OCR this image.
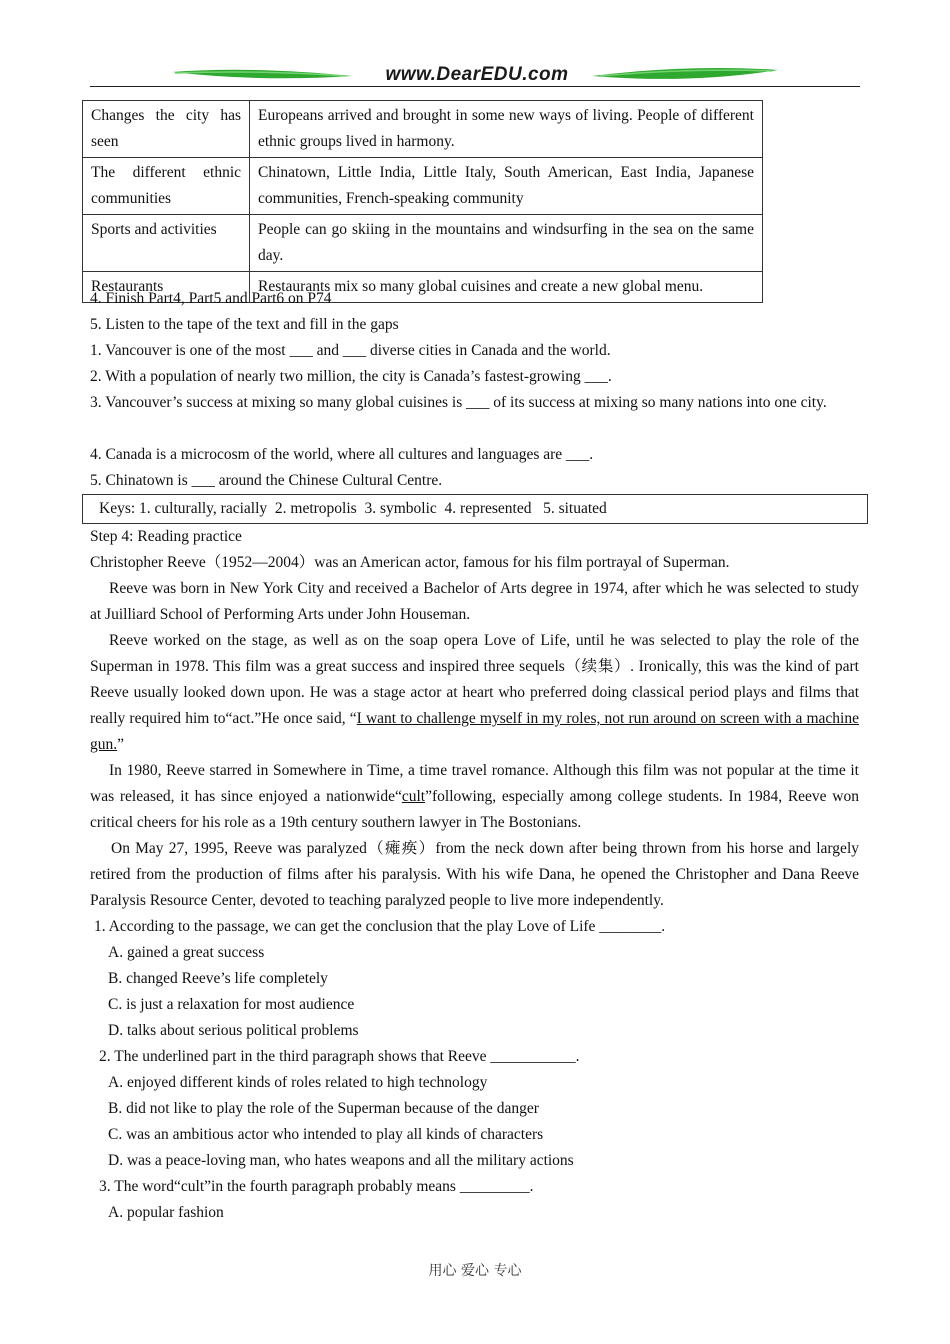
www.DearEDU.com
Changes the city has seen	Europeans arrived and brought in some new ways of living. People of different ethnic groups lived in harmony.
The different ethnic communities	Chinatown, Little India, Little Italy, South American, East India, Japanese communities, French-speaking community
Sports and activities	People can go skiing in the mountains and windsurfing in the sea on the same day.
Restaurants	Restaurants mix so many global cuisines and create a new global menu.
4. Finish Part4, Part5 and Part6 on P74
5. Listen to the tape of the text and fill in the gaps
1. Vancouver is one of the most ___ and ___ diverse cities in Canada and the world.
2. With a population of nearly two million, the city is Canada’s fastest-growing ___.
3. Vancouver’s success at mixing so many global cuisines is ___ of its success at mixing so many nations into one city.
4. Canada is a microcosm of the world, where all cultures and languages are ___.
5. Chinatown is ___ around the Chinese Cultural Centre.
Keys: 1. culturally, racially  2. metropolis  3. symbolic  4. represented   5. situated
Step 4: Reading practice
Christopher Reeve（1952—2004）was an American actor, famous for his film portrayal of Superman.
Reeve was born in New York City and received a Bachelor of Arts degree in 1974, after which he was selected to study at Juilliard School of Performing Arts under John Houseman.
Reeve worked on the stage, as well as on the soap opera Love of Life, until he was selected to play the role of the Superman in 1978. This film was a great success and inspired three sequels（续集）. Ironically, this was the kind of part Reeve usually looked down upon. He was a stage actor at heart who preferred doing classical period plays and films that really required him to“act.”He once said, “I want to challenge myself in my roles, not run around on screen with a machine gun.”
In 1980, Reeve starred in Somewhere in Time, a time travel romance. Although this film was not popular at the time it was released, it has since enjoyed a nationwide“cult”following, especially among college students. In 1984, Reeve won critical cheers for his role as a 19th century southern lawyer in The Bostonians.
On May 27, 1995, Reeve was paralyzed（瘫痪）from the neck down after being thrown from his horse and largely retired from the production of films after his paralysis. With his wife Dana, he opened the Christopher and Dana Reeve Paralysis Resource Center, devoted to teaching paralyzed people to live more independently.
1. According to the passage, we can get the conclusion that the play Love of Life ________.
A. gained a great success
B. changed Reeve’s life completely
C. is just a relaxation for most audience
D. talks about serious political problems
2. The underlined part in the third paragraph shows that Reeve ___________.
A. enjoyed different kinds of roles related to high technology
B. did not like to play the role of the Superman because of the danger
C. was an ambitious actor who intended to play all kinds of characters
D. was a peace-loving man, who hates weapons and all the military actions
3. The word“cult”in the fourth paragraph probably means _________.
A. popular fashion
用心 爱心 专心
